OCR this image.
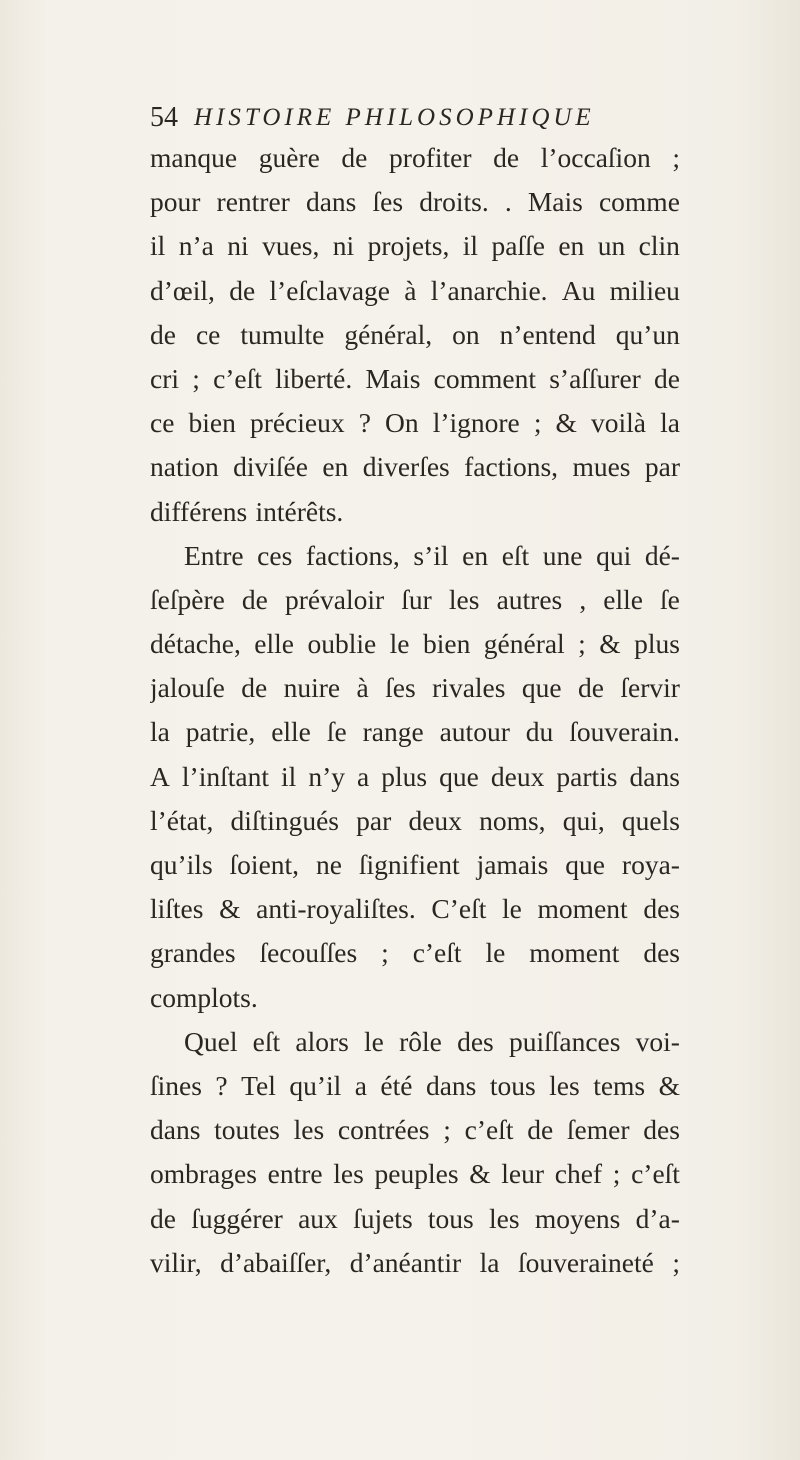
54 HISTOIRE PHILOSOPHIQUE
manque guère de profiter de l’occaſion ;
pour rentrer dans ſes droits. . Mais comme
il n’a ni vues, ni projets, il paſſe en un clin
d’œil, de l’eſclavage à l’anarchie. Au milieu
de ce tumulte général, on n’entend qu’un
cri ; c’eſt liberté. Mais comment s’aſſurer de
ce bien précieux ? On l’ignore ; & voilà la
nation diviſée en diverſes factions, mues par
différens intérêts.
Entre ces factions, s’il en eſt une qui dé-
ſeſpère de prévaloir ſur les autres , elle ſe
détache, elle oublie le bien général ; & plus
jalouſe de nuire à ſes rivales que de ſervir
la patrie, elle ſe range autour du ſouverain.
A l’inſtant il n’y a plus que deux partis dans
l’état, diſtingués par deux noms, qui, quels
qu’ils ſoient, ne ſignifient jamais que roya-
liſtes & anti-royaliſtes. C’eſt le moment des
grandes ſecouſſes ; c’eſt le moment des
complots.
Quel eſt alors le rôle des puiſſances voi-
ſines ? Tel qu’il a été dans tous les tems &
dans toutes les contrées ; c’eſt de ſemer des
ombrages entre les peuples & leur chef ; c’eſt
de ſuggérer aux ſujets tous les moyens d’a-
vilir, d’abaiſſer, d’anéantir la ſouveraineté ;
